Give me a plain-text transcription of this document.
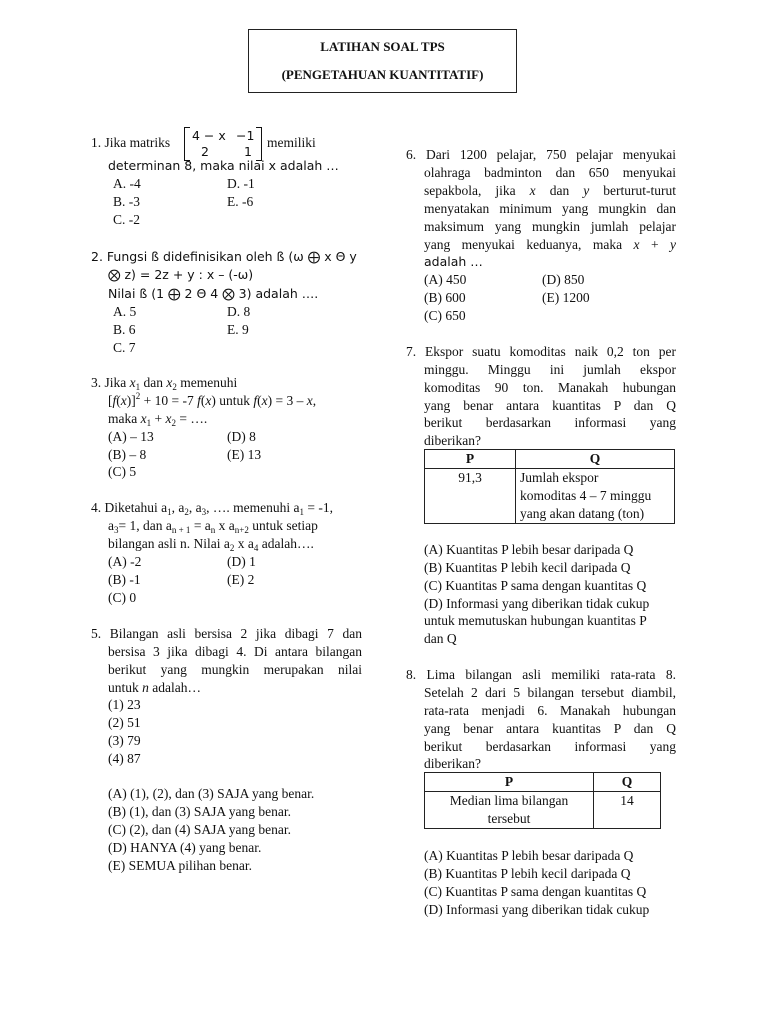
LATIHAN SOAL TPS
(PENGETAHUAN KUANTITATIF)
1. Jika matriks 4 − x −1
2	1
memiliki
determinan 8, maka nilai x adalah …
A. -4	D. -1
B. -3	E. -6
C. -2
2. Fungsi ß didefinisikan oleh ß (ω ⨁ x Θ y
⨂ z) = 2z + y : x – (-ω)
Nilai ß (1 ⨁ 2 Θ 4 ⨂ 3) adalah ….
A. 5	D. 8
B. 6	E. 9
C. 7
3. Jika $x_1$ dan $x_2$ memenuhi
$[f(x)]^2 + 10 = -7$ f(x) untuk f(x) = 3 – x,
maka $x_1 + x_2$ = ….
(A) – 13	(D) 8
(B) – 8	(E) 13
(C) 5
4. Diketahui $a_1$, $a_2$, $a_3$, …. memenuhi $a_1 = -1$,
$a_3= 1$, dan $a_{n + 1} = a_n$ x $a_{n+2}$ untuk setiap
bilangan asli n. Nilai $a_2$ x $a_4$ adalah….
(A) -2	(D) 1
(B) -1	(E) 2
(C) 0
5. Bilangan asli bersisa 2 jika dibagi 7 dan
bersisa 3 jika dibagi 4. Di antara bilangan
berikut yang mungkin merupakan nilai
untuk n adalah…
(1) 23
(2) 51
(3) 79
(4) 87
(A) (1), (2), dan (3) SAJA yang benar.
(B) (1), dan (3) SAJA yang benar.
(C) (2), dan (4) SAJA yang benar.
(D) HANYA (4) yang benar.
(E) SEMUA pilihan benar.
6. Dari 1200 pelajar, 750 pelajar menyukai
olahraga badminton dan 650 menyukai
sepakbola, jika x dan y berturut-turut
menyatakan minimum yang mungkin dan
maksimum yang mungkin jumlah pelajar
yang menyukai keduanya, maka x + y
adalah …
(A) 450	(D) 850
(B) 600	(E) 1200
(C) 650
7. Ekspor suatu komoditas naik 0,2 ton per
minggu. Minggu ini jumlah ekspor
komoditas 90 ton. Manakah hubungan
yang benar antara kuantitas P dan Q
berikut berdasarkan informasi yang
diberikan?
P	Q
91,3	Jumlah ekspor
komoditas 4 – 7 minggu
yang akan datang (ton)
(A) Kuantitas P lebih besar daripada Q
(B) Kuantitas P lebih kecil daripada Q
(C) Kuantitas P sama dengan kuantitas Q
(D) Informasi yang diberikan tidak cukup
untuk memutuskan hubungan kuantitas P
dan Q
8. Lima bilangan asli memiliki rata-rata 8.
Setelah 2 dari 5 bilangan tersebut diambil,
rata-rata menjadi 6. Manakah hubungan
yang benar antara kuantitas P dan Q
berikut berdasarkan informasi yang
diberikan?
P	Q

Median lima bilangan
tersebut	14
(A) Kuantitas P lebih besar daripada Q
(B) Kuantitas P lebih kecil daripada Q
(C) Kuantitas P sama dengan kuantitas Q
(D) Informasi yang diberikan tidak cukup
